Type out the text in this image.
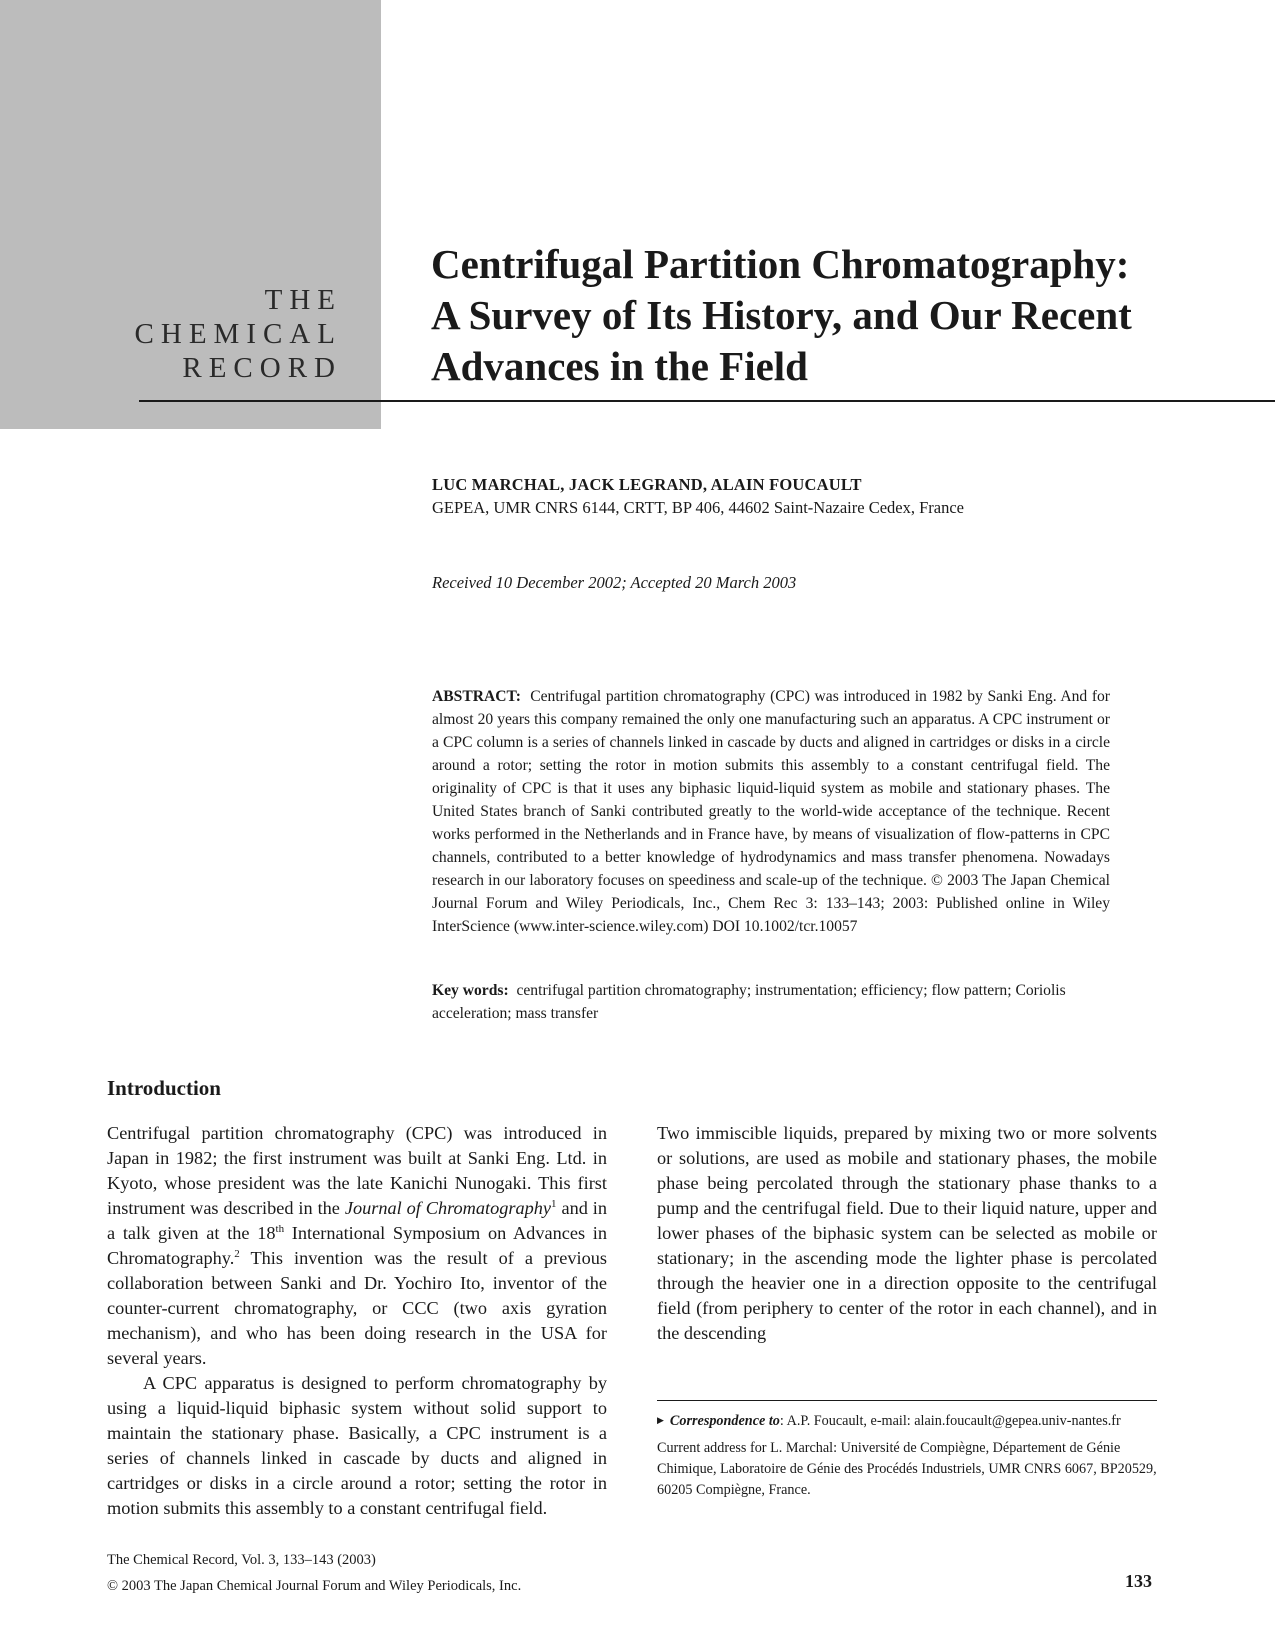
THE
CHEMICAL
RECORD
Centrifugal Partition Chromatography:
A Survey of Its History, and Our Recent
Advances in the Field
LUC MARCHAL, JACK LEGRAND, ALAIN FOUCAULT
GEPEA, UMR CNRS 6144, CRTT, BP 406, 44602 Saint-Nazaire Cedex, France
Received 10 December 2002; Accepted 20 March 2003

ABSTRACT: Centrifugal partition chromatography (CPC) was introduced in 1982 by Sanki Eng. And for almost 20 years this company remained the only one manufacturing such an apparatus. A CPC instrument or a CPC column is a series of channels linked in cascade by ducts and aligned in cartridges or disks in a circle around a rotor; setting the rotor in motion submits this assembly to a constant centrifugal field. The originality of CPC is that it uses any biphasic liquid-liquid system as mobile and stationary phases. The United States branch of Sanki contributed greatly to the world-wide acceptance of the technique. Recent works performed in the Netherlands and in France have, by means of visualization of flow-patterns in CPC channels, contributed to a better knowledge of hydrodynamics and mass transfer phenomena. Nowadays research in our laboratory focuses on speediness and scale-up of the technique. © 2003 The Japan Chemical Journal Forum and Wiley Periodicals, Inc., Chem Rec 3: 133–143; 2003: Published online in Wiley InterScience (www.inter-science.wiley.com) DOI 10.1002/tcr.10057

Key words: centrifugal partition chromatography; instrumentation; efficiency; flow pattern; Coriolis acceleration; mass transfer

Introduction

Centrifugal partition chromatography (CPC) was introduced in Japan in 1982; the first instrument was built at Sanki Eng. Ltd. in Kyoto, whose president was the late Kanichi Nunogaki. This first instrument was described in the Journal of Chromatography$^1$ and in a talk given at the 18th International Symposium on Advances in Chromatography.$^2$ This invention was the result of a previous collaboration between Sanki and Dr. Yochiro Ito, inventor of the counter-current chromatography, or CCC (two axis gyration mechanism), and who has been doing research in the USA for several years.

A CPC apparatus is designed to perform chromatography by using a liquid-liquid biphasic system without solid support to maintain the stationary phase. Basically, a CPC instrument is a series of channels linked in cascade by ducts and aligned in cartridges or disks in a circle around a rotor; setting the rotor in motion submits this assembly to a constant centrifugal field.

Two immiscible liquids, prepared by mixing two or more solvents or solutions, are used as mobile and stationary phases, the mobile phase being percolated through the stationary phase thanks to a pump and the centrifugal field. Due to their liquid nature, upper and lower phases of the biphasic system can be selected as mobile or stationary; in the ascending mode the lighter phase is percolated through the heavier one in a direction opposite to the centrifugal field (from periphery to center of the rotor in each channel), and in the descending

▶ Correspondence to: A.P. Foucault, e-mail: alain.foucault@gepea.univ-nantes.fr

Current address for L. Marchal: Université de Compiègne, Département de Génie Chimique, Laboratoire de Génie des Procédés Industriels, UMR CNRS 6067, BP20529, 60205 Compiègne, France.

The Chemical Record, Vol. 3, 133–143 (2003)
© 2003 The Japan Chemical Journal Forum and Wiley Periodicals, Inc.	133
